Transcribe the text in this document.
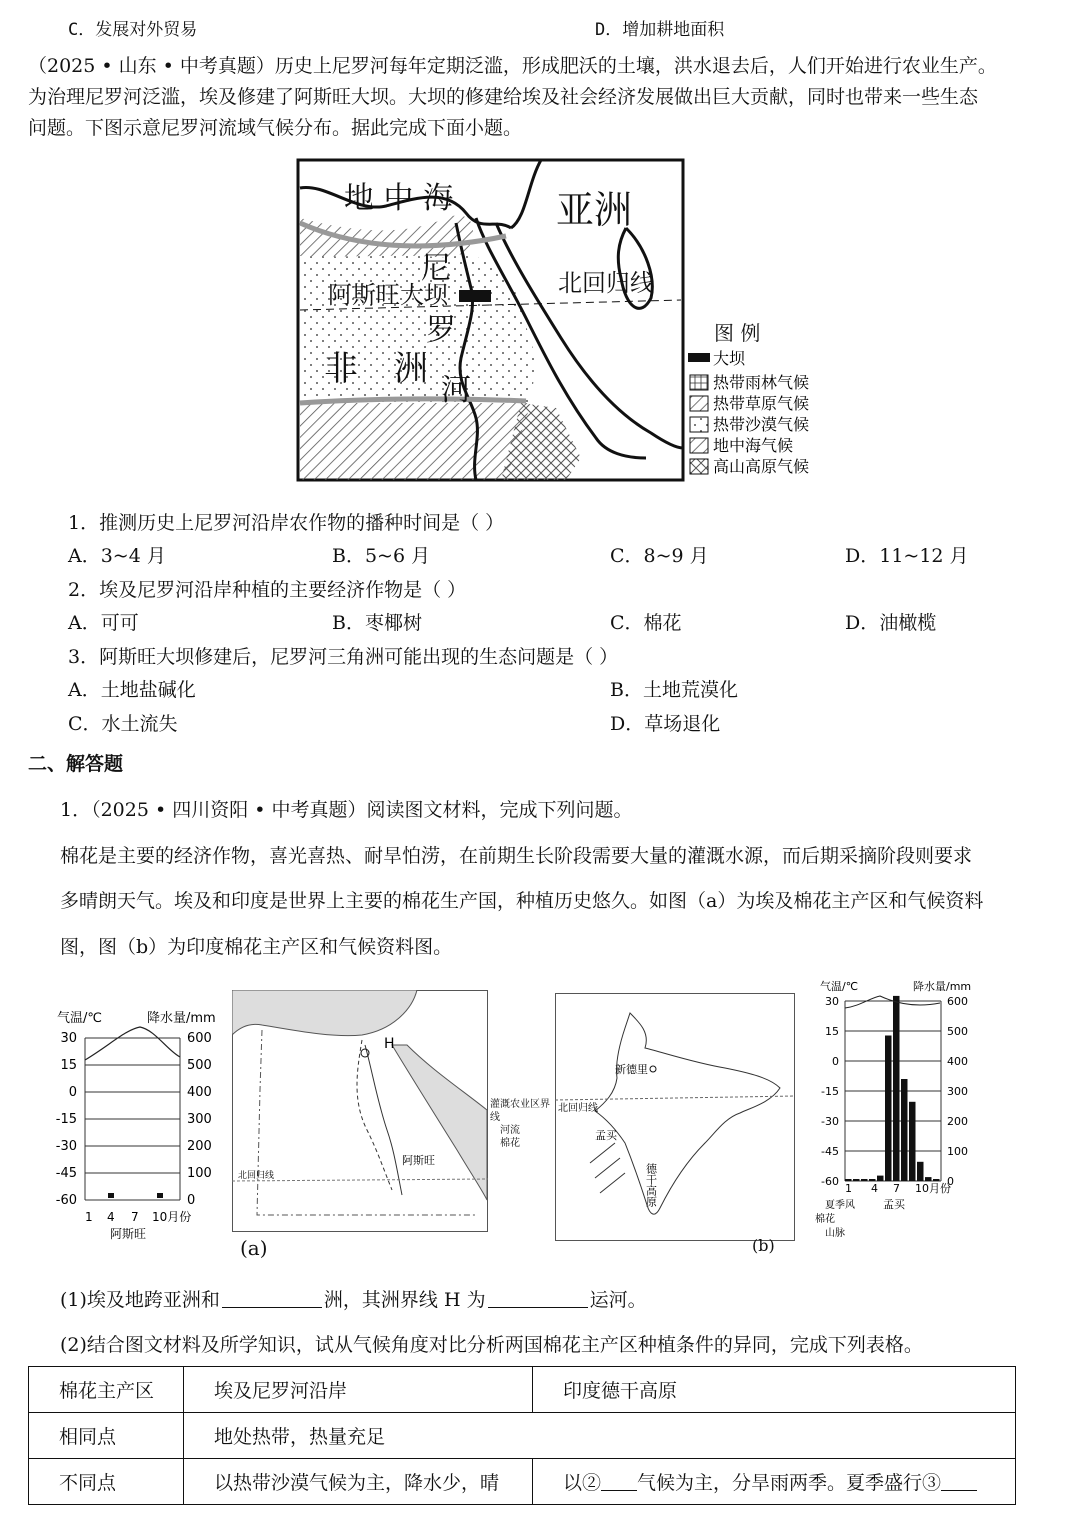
C．发展对外贸易	D．增加耕地面积
（2025 • 山东 • 中考真题）历史上尼罗河每年定期泛滥，形成肥沃的土壤，洪水退去后，人们开始进行农业生产。
为治理尼罗河泛滥，埃及修建了阿斯旺大坝。大坝的修建给埃及社会经济发展做出巨大贡献，同时也带来一些生态
问题。下图示意尼罗河流域气候分布。据此完成下面小题。
地 中 海	亚洲
尼
阿斯旺大坝	北回归线
罗
非 洲
河
图 例
大坝
热带雨林气候
热带草原气候
热带沙漠气候
地中海气候
高山高原气候
1．推测历史上尼罗河沿岸农作物的播种时间是（ ）
A．3~4 月	B．5~6 月	C．8~9 月	D．11~12 月
2．埃及尼罗河沿岸种植的主要经济作物是（ ）
A．可可	B．枣椰树	C．棉花	D．油橄榄
3．阿斯旺大坝修建后，尼罗河三角洲可能出现的生态问题是（ ）
A．土地盐碱化	B．土地荒漠化
C．水土流失	D．草场退化
二、解答题
1．（2025 • 四川资阳 • 中考真题）阅读图文材料，完成下列问题。
棉花是主要的经济作物，喜光喜热、耐旱怕涝，在前期生长阶段需要大量的灌溉水源，而后期采摘阶段则要求
多晴朗天气。埃及和印度是世界上主要的棉花生产国，种植历史悠久。如图（a）为埃及棉花主产区和气候资料
图，图（b）为印度棉花主产区和气候资料图。
气温/℃	降水量/mm
30	600
15	500
0	400
-15	300
-30	200
-45	100
-60	0
1 4 7 10月份
阿斯旺
H
阿斯旺
北回归线
灌溉农业区界线
河流
棉花
(a)
新德里
北回归线
孟买
德干高原
(b)
气温/℃	降水量/mm
30	600
15	500
0	400
-15	300
-30	200
-45	100
-60	0
1 4 7 10月份
孟买
夏季风
棉花
山脉
(1)埃及地跨亚洲和	洲，其洲界线 H 为	运河。
(2)结合图文材料及所学知识，试从气候角度对比分析两国棉花主产区种植条件的异同，完成下列表格。
棉花主产区	埃及尼罗河沿岸	印度德干高原
相同点	地处热带，热量充足	
不同点	以热带沙漠气候为主，降水少，晴	以② 气候为主，分旱雨两季。夏季盛行③
